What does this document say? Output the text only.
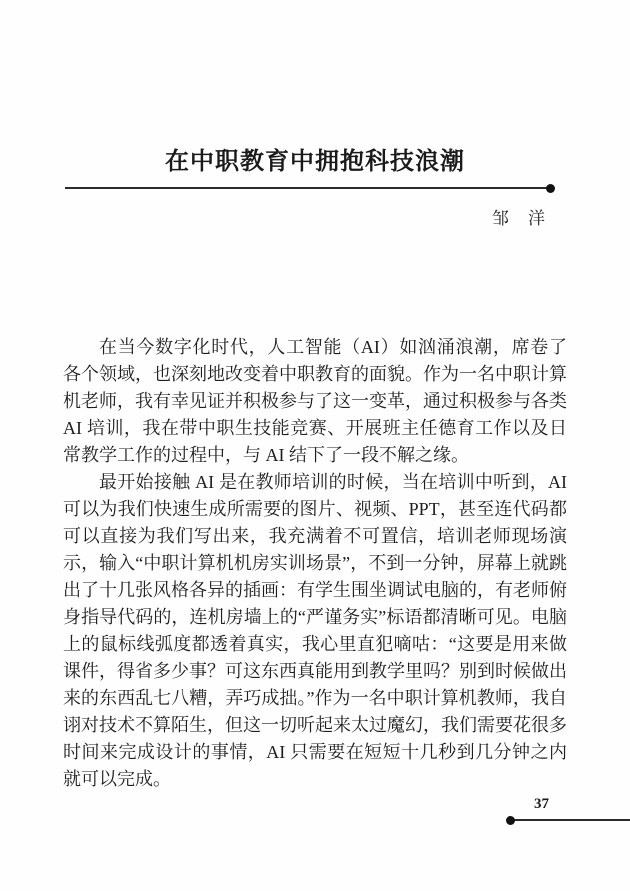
在中职教育中拥抱科技浪潮
邹　洋

在当今数字化时代，人工智能（AI）如汹涌浪潮，席卷了各个领域，也深刻地改变着中职教育的面貌。作为一名中职计算机老师，我有幸见证并积极参与了这一变革，通过积极参与各类 AI 培训，我在带中职生技能竞赛、开展班主任德育工作以及日常教学工作的过程中，与 AI 结下了一段不解之缘。

最开始接触 AI 是在教师培训的时候，当在培训中听到，AI 可以为我们快速生成所需要的图片、视频、PPT，甚至连代码都可以直接为我们写出来，我充满着不可置信，培训老师现场演示，输入“中职计算机机房实训场景”，不到一分钟，屏幕上就跳出了十几张风格各异的插画：有学生围坐调试电脑的，有老师俯身指导代码的，连机房墙上的“严谨务实”标语都清晰可见。电脑上的鼠标线弧度都透着真实，我心里直犯嘀咕：“这要是用来做课件，得省多少事？可这东西真能用到教学里吗？别到时候做出来的东西乱七八糟，弄巧成拙。”作为一名中职计算机教师，我自诩对技术不算陌生，但这一切听起来太过魔幻，我们需要花很多时间来完成设计的事情，AI 只需要在短短十几秒到几分钟之内就可以完成。

37
